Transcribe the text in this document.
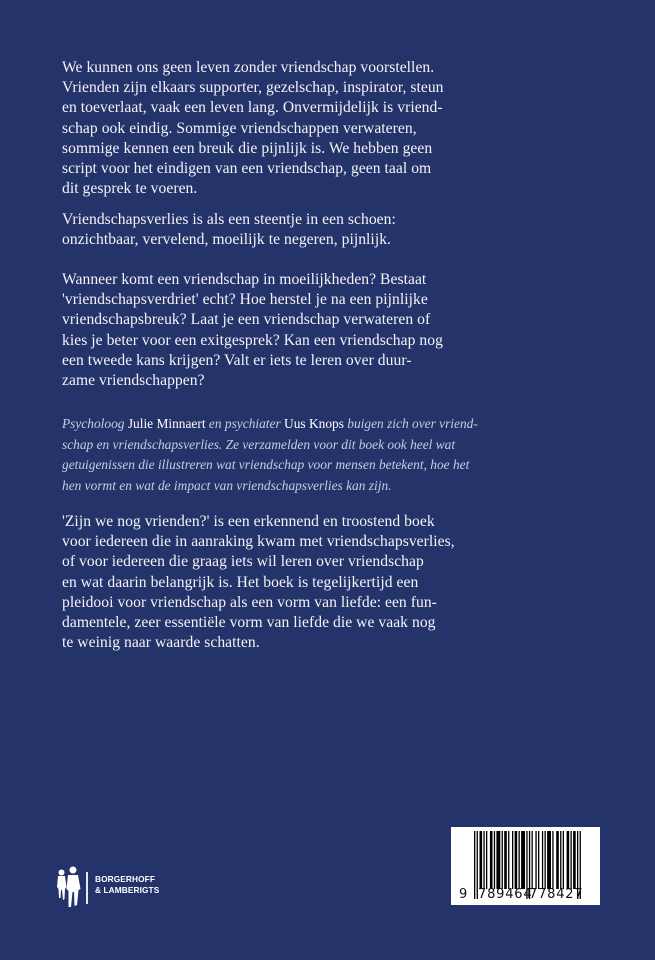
We kunnen ons geen leven zonder vriendschap voorstellen.
Vrienden zijn elkaars supporter, gezelschap, inspirator, steun
en toeverlaat, vaak een leven lang. Onvermijdelijk is vriend-
schap ook eindig. Sommige vriendschappen verwateren,
sommige kennen een breuk die pijnlijk is. We hebben geen
script voor het eindigen van een vriendschap, geen taal om
dit gesprek te voeren.
Vriendschapsverlies is als een steentje in een schoen:
onzichtbaar, vervelend, moeilijk te negeren, pijnlijk.
Wanneer komt een vriendschap in moeilijkheden? Bestaat
'vriendschapsverdriet' echt? Hoe herstel je na een pijnlijke
vriendschapsbreuk? Laat je een vriendschap verwateren of
kies je beter voor een exitgesprek? Kan een vriendschap nog
een tweede kans krijgen? Valt er iets te leren over duur-
zame vriendschappen?
Psycholoog Julie Minnaert en psychiater Uus Knops buigen zich over vriend-
schap en vriendschapsverlies. Ze verzamelden voor dit boek ook heel wat
getuigenissen die illustreren wat vriendschap voor mensen betekent, hoe het
hen vormt en wat de impact van vriendschapsverlies kan zijn.
'Zijn we nog vrienden?' is een erkennend en troostend boek
voor iedereen die in aanraking kwam met vriendschapsverlies,
of voor iedereen die graag iets wil leren over vriendschap
en wat daarin belangrijk is. Het boek is tegelijkertijd een
pleidooi voor vriendschap als een vorm van liefde: een fun-
damentele, zeer essentiële vorm van liefde die we vaak nog
te weinig naar waarde schatten.
BORGERHOFF
& LAMBERIGTS	9 789464
778427
